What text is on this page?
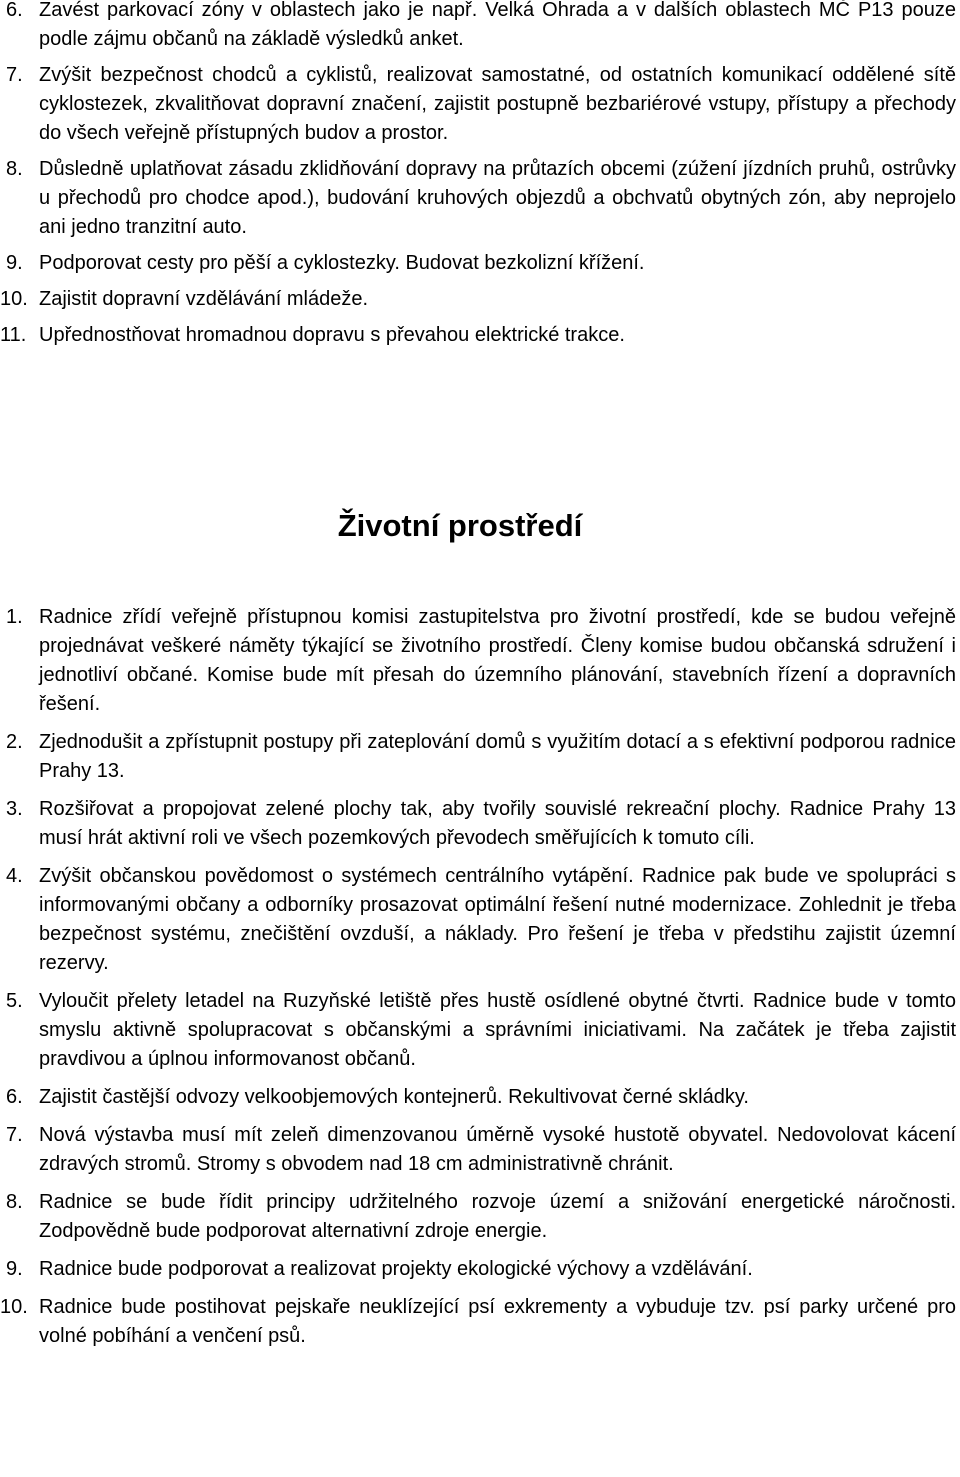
6. Zavést parkovací zóny v oblastech jako je např. Velká Ohrada a v dalších oblastech MČ P13 pouze podle zájmu občanů na základě výsledků anket.
7. Zvýšit bezpečnost chodců a cyklistů, realizovat samostatné, od ostatních komunikací oddělené sítě cyklostezek, zkvalitňovat dopravní značení, zajistit postupně bezbariérové vstupy, přístupy a přechody do všech veřejně přístupných budov a prostor.
8. Důsledně uplatňovat zásadu zklidňování dopravy na průtazích obcemi (zúžení jízdních pruhů, ostrůvky u přechodů pro chodce apod.), budování kruhových objezdů a obchvatů obytných zón, aby neprojelo ani jedno tranzitní auto.
9. Podporovat cesty pro pěší a cyklostezky. Budovat bezkolizní křížení.
10. Zajistit dopravní vzdělávání mládeže.
11. Upřednostňovat hromadnou dopravu s převahou elektrické trakce.
Životní prostředí
1. Radnice zřídí veřejně přístupnou komisi zastupitelstva pro životní prostředí, kde se budou veřejně projednávat veškeré náměty týkající se životního prostředí. Členy komise budou občanská sdružení i jednotliví občané. Komise bude mít přesah do územního plánování, stavebních řízení a dopravních řešení.
2. Zjednodušit a zpřístupnit postupy při zateplování domů s využitím dotací a s efektivní podporou radnice Prahy 13.
3. Rozšiřovat a propojovat zelené plochy tak, aby tvořily souvislé rekreační plochy. Radnice Prahy 13 musí hrát aktivní roli ve všech pozemkových převodech směřujících k tomuto cíli.
4. Zvýšit občanskou povědomost o systémech centrálního vytápění. Radnice pak bude ve spolupráci s informovanými občany a odborníky prosazovat optimální řešení nutné modernizace. Zohlednit je třeba bezpečnost systému, znečištění ovzduší, a náklady. Pro řešení je třeba v předstihu zajistit územní rezervy.
5. Vyloučit přelety letadel na Ruzyňské letiště přes hustě osídlené obytné čtvrti. Radnice bude v tomto smyslu aktivně spolupracovat s občanskými a správními iniciativami. Na začátek je třeba zajistit pravdivou a úplnou informovanost občanů.
6. Zajistit častější odvozy velkoobjemových kontejnerů. Rekultivovat černé skládky.
7. Nová výstavba musí mít zeleň dimenzovanou úměrně vysoké hustotě obyvatel. Nedovolovat kácení zdravých stromů. Stromy s obvodem nad 18 cm administrativně chránit.
8. Radnice se bude řídit principy udržitelného rozvoje území a snižování energetické náročnosti. Zodpovědně bude podporovat alternativní zdroje energie.
9. Radnice bude podporovat a realizovat projekty ekologické výchovy a vzdělávání.
10. Radnice bude postihovat pejskaře neuklízející psí exkrementy a vybuduje tzv. psí parky určené pro volné pobíhání a venčení psů.
